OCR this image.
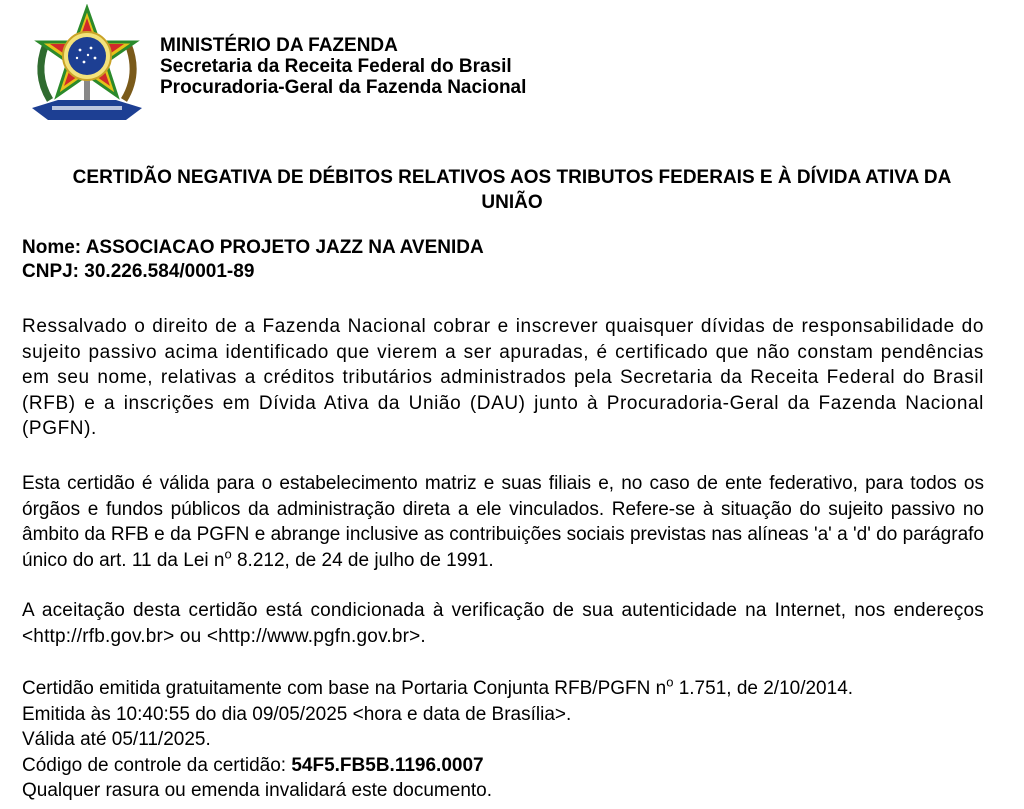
MINISTÉRIO DA FAZENDA
Secretaria da Receita Federal do Brasil
Procuradoria-Geral da Fazenda Nacional
CERTIDÃO NEGATIVA DE DÉBITOS RELATIVOS AOS TRIBUTOS FEDERAIS E À DÍVIDA ATIVA DA UNIÃO
Nome: ASSOCIACAO PROJETO JAZZ NA AVENIDA
CNPJ: 30.226.584/0001-89
Ressalvado o direito de a Fazenda Nacional cobrar e inscrever quaisquer dívidas de responsabilidade do sujeito passivo acima identificado que vierem a ser apuradas, é certificado que não constam pendências em seu nome, relativas a créditos tributários administrados pela Secretaria da Receita Federal do Brasil (RFB) e a inscrições em Dívida Ativa da União (DAU) junto à Procuradoria-Geral da Fazenda Nacional (PGFN).
Esta certidão é válida para o estabelecimento matriz e suas filiais e, no caso de ente federativo, para todos os órgãos e fundos públicos da administração direta a ele vinculados. Refere-se à situação do sujeito passivo no âmbito da RFB e da PGFN e abrange inclusive as contribuições sociais previstas nas alíneas 'a' a 'd' do parágrafo único do art. 11 da Lei $n^o$ 8.212, de 24 de julho de 1991.
A aceitação desta certidão está condicionada à verificação de sua autenticidade na Internet, nos endereços <http://rfb.gov.br> ou <http://www.pgfn.gov.br>.
Certidão emitida gratuitamente com base na Portaria Conjunta RFB/PGFN $n^o$ 1.751, de 2/10/2014.
Emitida às 10:40:55 do dia 09/05/2025 <hora e data de Brasília>.
Válida até 05/11/2025.
Código de controle da certidão: 54F5.FB5B.1196.0007
Qualquer rasura ou emenda invalidará este documento.
